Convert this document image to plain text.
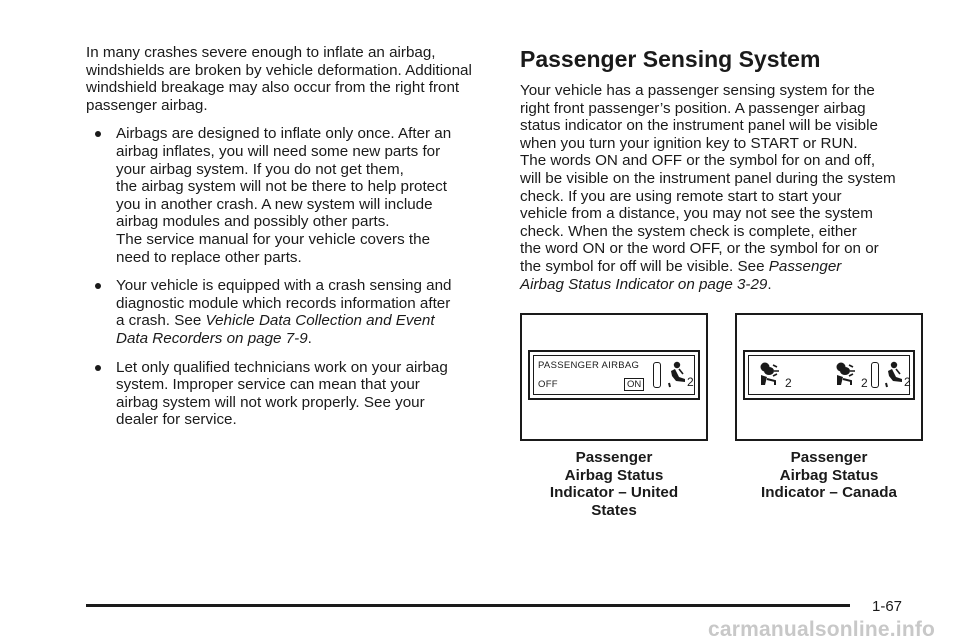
In many crashes severe enough to inflate an airbag, windshields are broken by vehicle deformation. Additional windshield breakage may also occur from the right front passenger airbag.

Airbags are designed to inflate only once. After an
airbag inflates, you will need some new parts for
your airbag system. If you do not get them,
the airbag system will not be there to help protect
you in another crash. A new system will include
airbag modules and possibly other parts.
The service manual for your vehicle covers the
need to replace other parts.
Your vehicle is equipped with a crash sensing and
diagnostic module which records information after
a crash. See Vehicle Data Collection and Event
Data Recorders on page 7-9.
Let only qualified technicians work on your airbag
system. Improper service can mean that your
airbag system will not work properly. See your
dealer for service.
Passenger Sensing System

Your vehicle has a passenger sensing system for the
right front passenger’s position. A passenger airbag
status indicator on the instrument panel will be visible
when you turn your ignition key to START or RUN.
The words ON and OFF or the symbol for on and off,
will be visible on the instrument panel during the system
check. If you are using remote start to start your
vehicle from a distance, you may not see the system
check. When the system check is complete, either
the word ON or the word OFF, or the symbol for on or
the symbol for off will be visible. See Passenger
Airbag Status Indicator on page 3-29.

PASSENGER AIRBAG
OFF	ON	2	2	2	2
Passenger
Airbag Status
Indicator – United
States
Passenger
Airbag Status
Indicator – Canada
1-67
carmanualsonline.info
